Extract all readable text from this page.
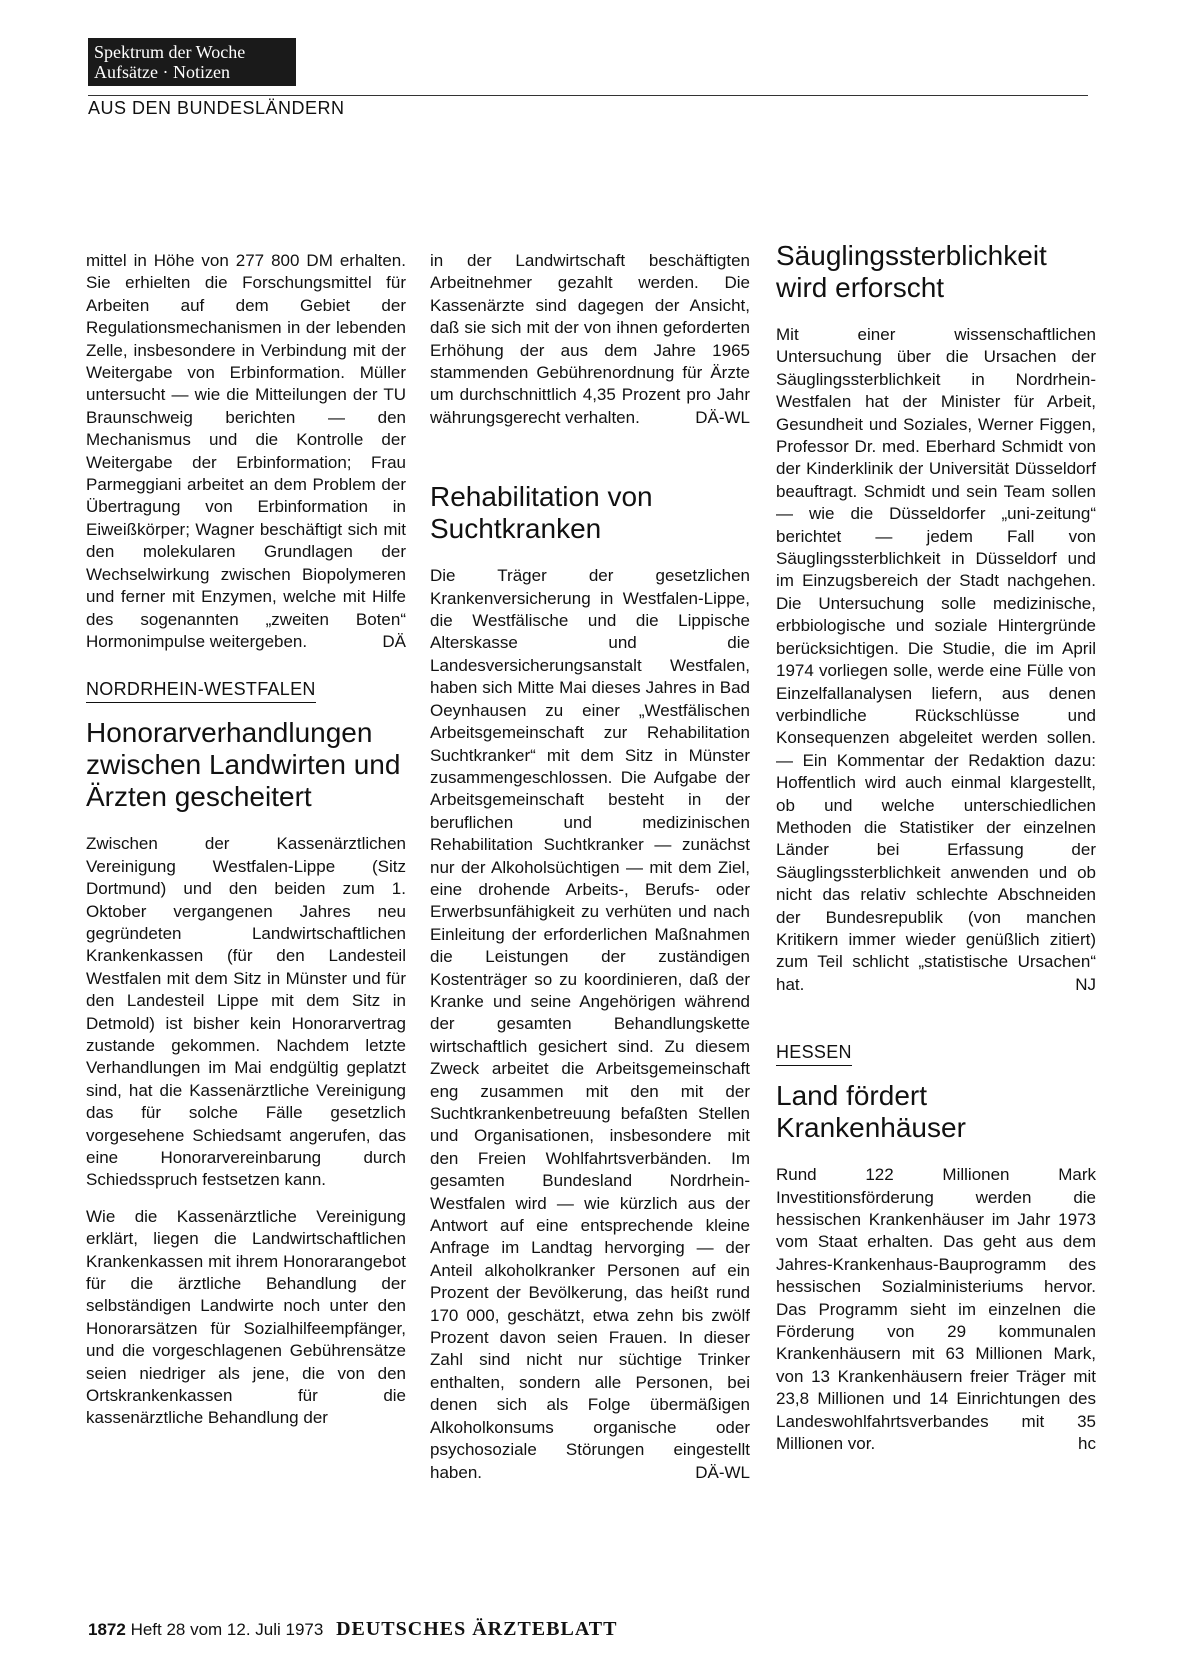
Spektrum der Woche
Aufsätze · Notizen
AUS DEN BUNDESLÄNDERN

mittel in Höhe von 277 800 DM erhalten. Sie erhielten die Forschungsmittel für Arbeiten auf dem Gebiet der Regulationsmechanismen in der lebenden Zelle, insbesondere in Verbindung mit der Weitergabe von Erbinformation. Müller untersucht — wie die Mitteilungen der TU Braunschweig berichten — den Mechanismus und die Kontrolle der Weitergabe der Erbinformation; Frau Parmeggiani arbeitet an dem Problem der Übertragung von Erbinformation in Eiweißkörper; Wagner beschäftigt sich mit den molekularen Grundlagen der Wechselwirkung zwischen Biopolymeren und ferner mit Enzymen, welche mit Hilfe des sogenannten „zweiten Boten“ Hormonimpulse weitergeben.	DÄ
NORDRHEIN-WESTFALEN
Honorarverhandlungen zwischen Landwirten und Ärzten gescheitert

Zwischen der Kassenärztlichen Vereinigung Westfalen-Lippe (Sitz Dortmund) und den beiden zum 1. Oktober vergangenen Jahres neu gegründeten Landwirtschaftlichen Krankenkassen (für den Landesteil Westfalen mit dem Sitz in Münster und für den Landesteil Lippe mit dem Sitz in Detmold) ist bisher kein Honorarvertrag zustande gekommen. Nachdem letzte Verhandlungen im Mai endgültig geplatzt sind, hat die Kassenärztliche Vereinigung das für solche Fälle gesetzlich vorgesehene Schiedsamt angerufen, das eine Honorarvereinbarung durch Schiedsspruch festsetzen kann.

Wie die Kassenärztliche Vereinigung erklärt, liegen die Landwirtschaftlichen Krankenkassen mit ihrem Honorarangebot für die ärztliche Behandlung der selbständigen Landwirte noch unter den Honorarsätzen für Sozialhilfeempfänger, und die vorgeschlagenen Gebührensätze seien niedriger als jene, die von den Ortskrankenkassen für die kassenärztliche Behandlung der

in der Landwirtschaft beschäftigten Arbeitnehmer gezahlt werden. Die Kassenärzte sind dagegen der Ansicht, daß sie sich mit der von ihnen geforderten Erhöhung der aus dem Jahre 1965 stammenden Gebührenordnung für Ärzte um durchschnittlich 4,35 Prozent pro Jahr währungsgerecht verhalten.	DÄ-WL
Rehabilitation von Suchtkranken

Die Träger der gesetzlichen Krankenversicherung in Westfalen-Lippe, die Westfälische und die Lippische Alterskasse und die Landesversicherungsanstalt Westfalen, haben sich Mitte Mai dieses Jahres in Bad Oeynhausen zu einer „Westfälischen Arbeitsgemeinschaft zur Rehabilitation Suchtkranker“ mit dem Sitz in Münster zusammengeschlossen. Die Aufgabe der Arbeitsgemeinschaft besteht in der beruflichen und medizinischen Rehabilitation Suchtkranker — zunächst nur der Alkoholsüchtigen — mit dem Ziel, eine drohende Arbeits-, Berufs- oder Erwerbsunfähigkeit zu verhüten und nach Einleitung der erforderlichen Maßnahmen die Leistungen der zuständigen Kostenträger so zu koordinieren, daß der Kranke und seine Angehörigen während der gesamten Behandlungskette wirtschaftlich gesichert sind. Zu diesem Zweck arbeitet die Arbeitsgemeinschaft eng zusammen mit den mit der Suchtkrankenbetreuung befaßten Stellen und Organisationen, insbesondere mit den Freien Wohlfahrtsverbänden. Im gesamten Bundesland Nordrhein-Westfalen wird — wie kürzlich aus der Antwort auf eine entsprechende kleine Anfrage im Landtag hervorging — der Anteil alkoholkranker Personen auf ein Prozent der Bevölkerung, das heißt rund 170 000, geschätzt, etwa zehn bis zwölf Prozent davon seien Frauen. In dieser Zahl sind nicht nur süchtige Trinker enthalten, sondern alle Personen, bei denen sich als Folge übermäßigen Alkoholkonsums organische oder psychosoziale Störungen eingestellt haben.	DÄ-WL
Säuglingssterblichkeit wird erforscht

Mit einer wissenschaftlichen Untersuchung über die Ursachen der Säuglingssterblichkeit in Nordrhein-Westfalen hat der Minister für Arbeit, Gesundheit und Soziales, Werner Figgen, Professor Dr. med. Eberhard Schmidt von der Kinderklinik der Universität Düsseldorf beauftragt. Schmidt und sein Team sollen — wie die Düsseldorfer „uni-zeitung“ berichtet — jedem Fall von Säuglingssterblichkeit in Düsseldorf und im Einzugsbereich der Stadt nachgehen. Die Untersuchung solle medizinische, erbbiologische und soziale Hintergründe berücksichtigen. Die Studie, die im April 1974 vorliegen solle, werde eine Fülle von Einzelfallanalysen liefern, aus denen verbindliche Rückschlüsse und Konsequenzen abgeleitet werden sollen. — Ein Kommentar der Redaktion dazu: Hoffentlich wird auch einmal klargestellt, ob und welche unterschiedlichen Methoden die Statistiker der einzelnen Länder bei Erfassung der Säuglingssterblichkeit anwenden und ob nicht das relativ schlechte Abschneiden der Bundesrepublik (von manchen Kritikern immer wieder genüßlich zitiert) zum Teil schlicht „statistische Ursachen“ hat.	NJ
HESSEN
Land fördert Krankenhäuser

Rund 122 Millionen Mark Investitionsförderung werden die hessischen Krankenhäuser im Jahr 1973 vom Staat erhalten. Das geht aus dem Jahres-Krankenhaus-Bauprogramm des hessischen Sozialministeriums hervor. Das Programm sieht im einzelnen die Förderung von 29 kommunalen Krankenhäusern mit 63 Millionen Mark, von 13 Krankenhäusern freier Träger mit 23,8 Millionen und 14 Einrichtungen des Landeswohlfahrtsverbandes mit 35 Millionen vor.	hc
1872 Heft 28 vom 12. Juli 1973 DEUTSCHES ÄRZTEBLATT
